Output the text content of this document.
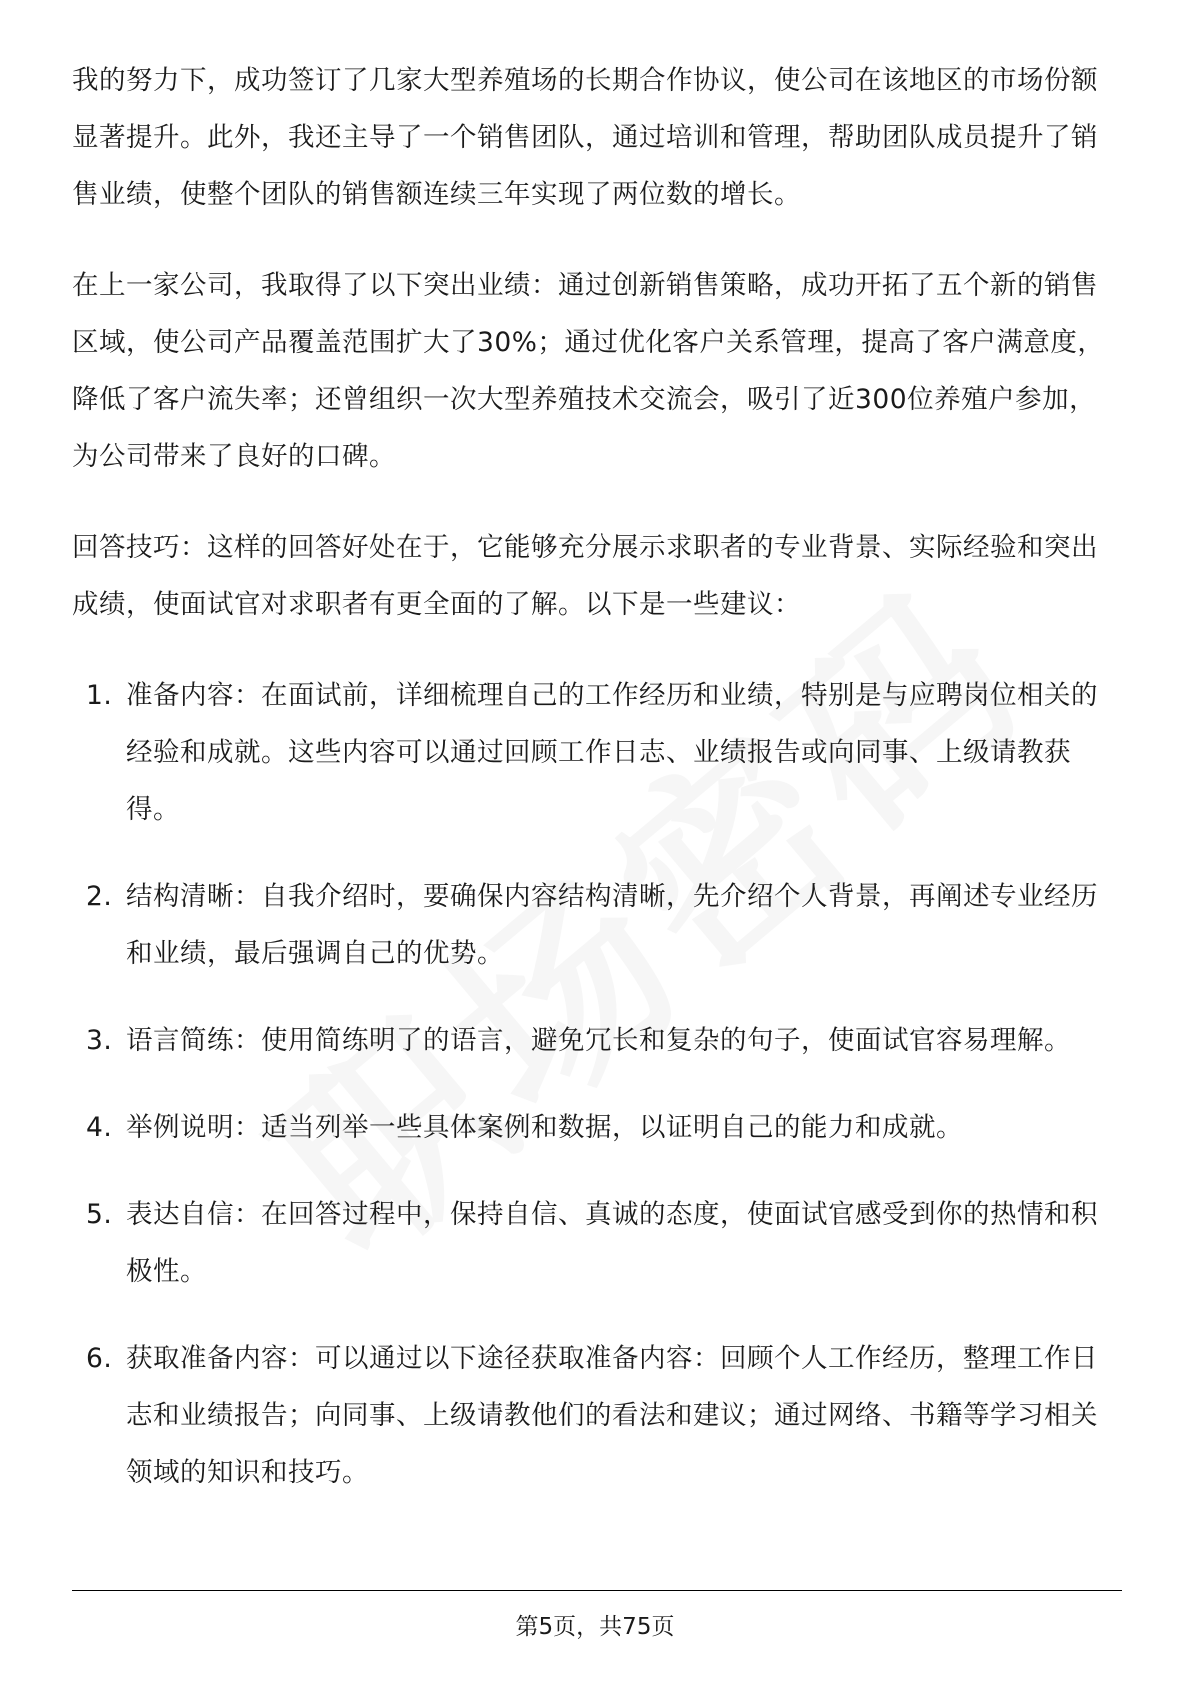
我的努力下，成功签订了几家大型养殖场的长期合作协议，使公司在该地区的市场份额显著提升。此外，我还主导了一个销售团队，通过培训和管理，帮助团队成员提升了销售业绩，使整个团队的销售额连续三年实现了两位数的增长。

在上一家公司，我取得了以下突出业绩：通过创新销售策略，成功开拓了五个新的销售区域，使公司产品覆盖范围扩大了30%；通过优化客户关系管理，提高了客户满意度，降低了客户流失率；还曾组织一次大型养殖技术交流会，吸引了近300位养殖户参加，为公司带来了良好的口碑。

回答技巧：这样的回答好处在于，它能够充分展示求职者的专业背景、实际经验和突出成绩，使面试官对求职者有更全面的了解。以下是一些建议：

1. 准备内容：在面试前，详细梳理自己的工作经历和业绩，特别是与应聘岗位相关的经验和成就。这些内容可以通过回顾工作日志、业绩报告或向同事、上级请教获得。
2. 结构清晰：自我介绍时，要确保内容结构清晰，先介绍个人背景，再阐述专业经历和业绩，最后强调自己的优势。
3. 语言简练：使用简练明了的语言，避免冗长和复杂的句子，使面试官容易理解。
4. 举例说明：适当列举一些具体案例和数据，以证明自己的能力和成就。
5. 表达自信：在回答过程中，保持自信、真诚的态度，使面试官感受到你的热情和积极性。
6. 获取准备内容：可以通过以下途径获取准备内容：回顾个人工作经历，整理工作日志和业绩报告；向同事、上级请教他们的看法和建议；通过网络、书籍等学习相关领域的知识和技巧。
第5页，共75页
